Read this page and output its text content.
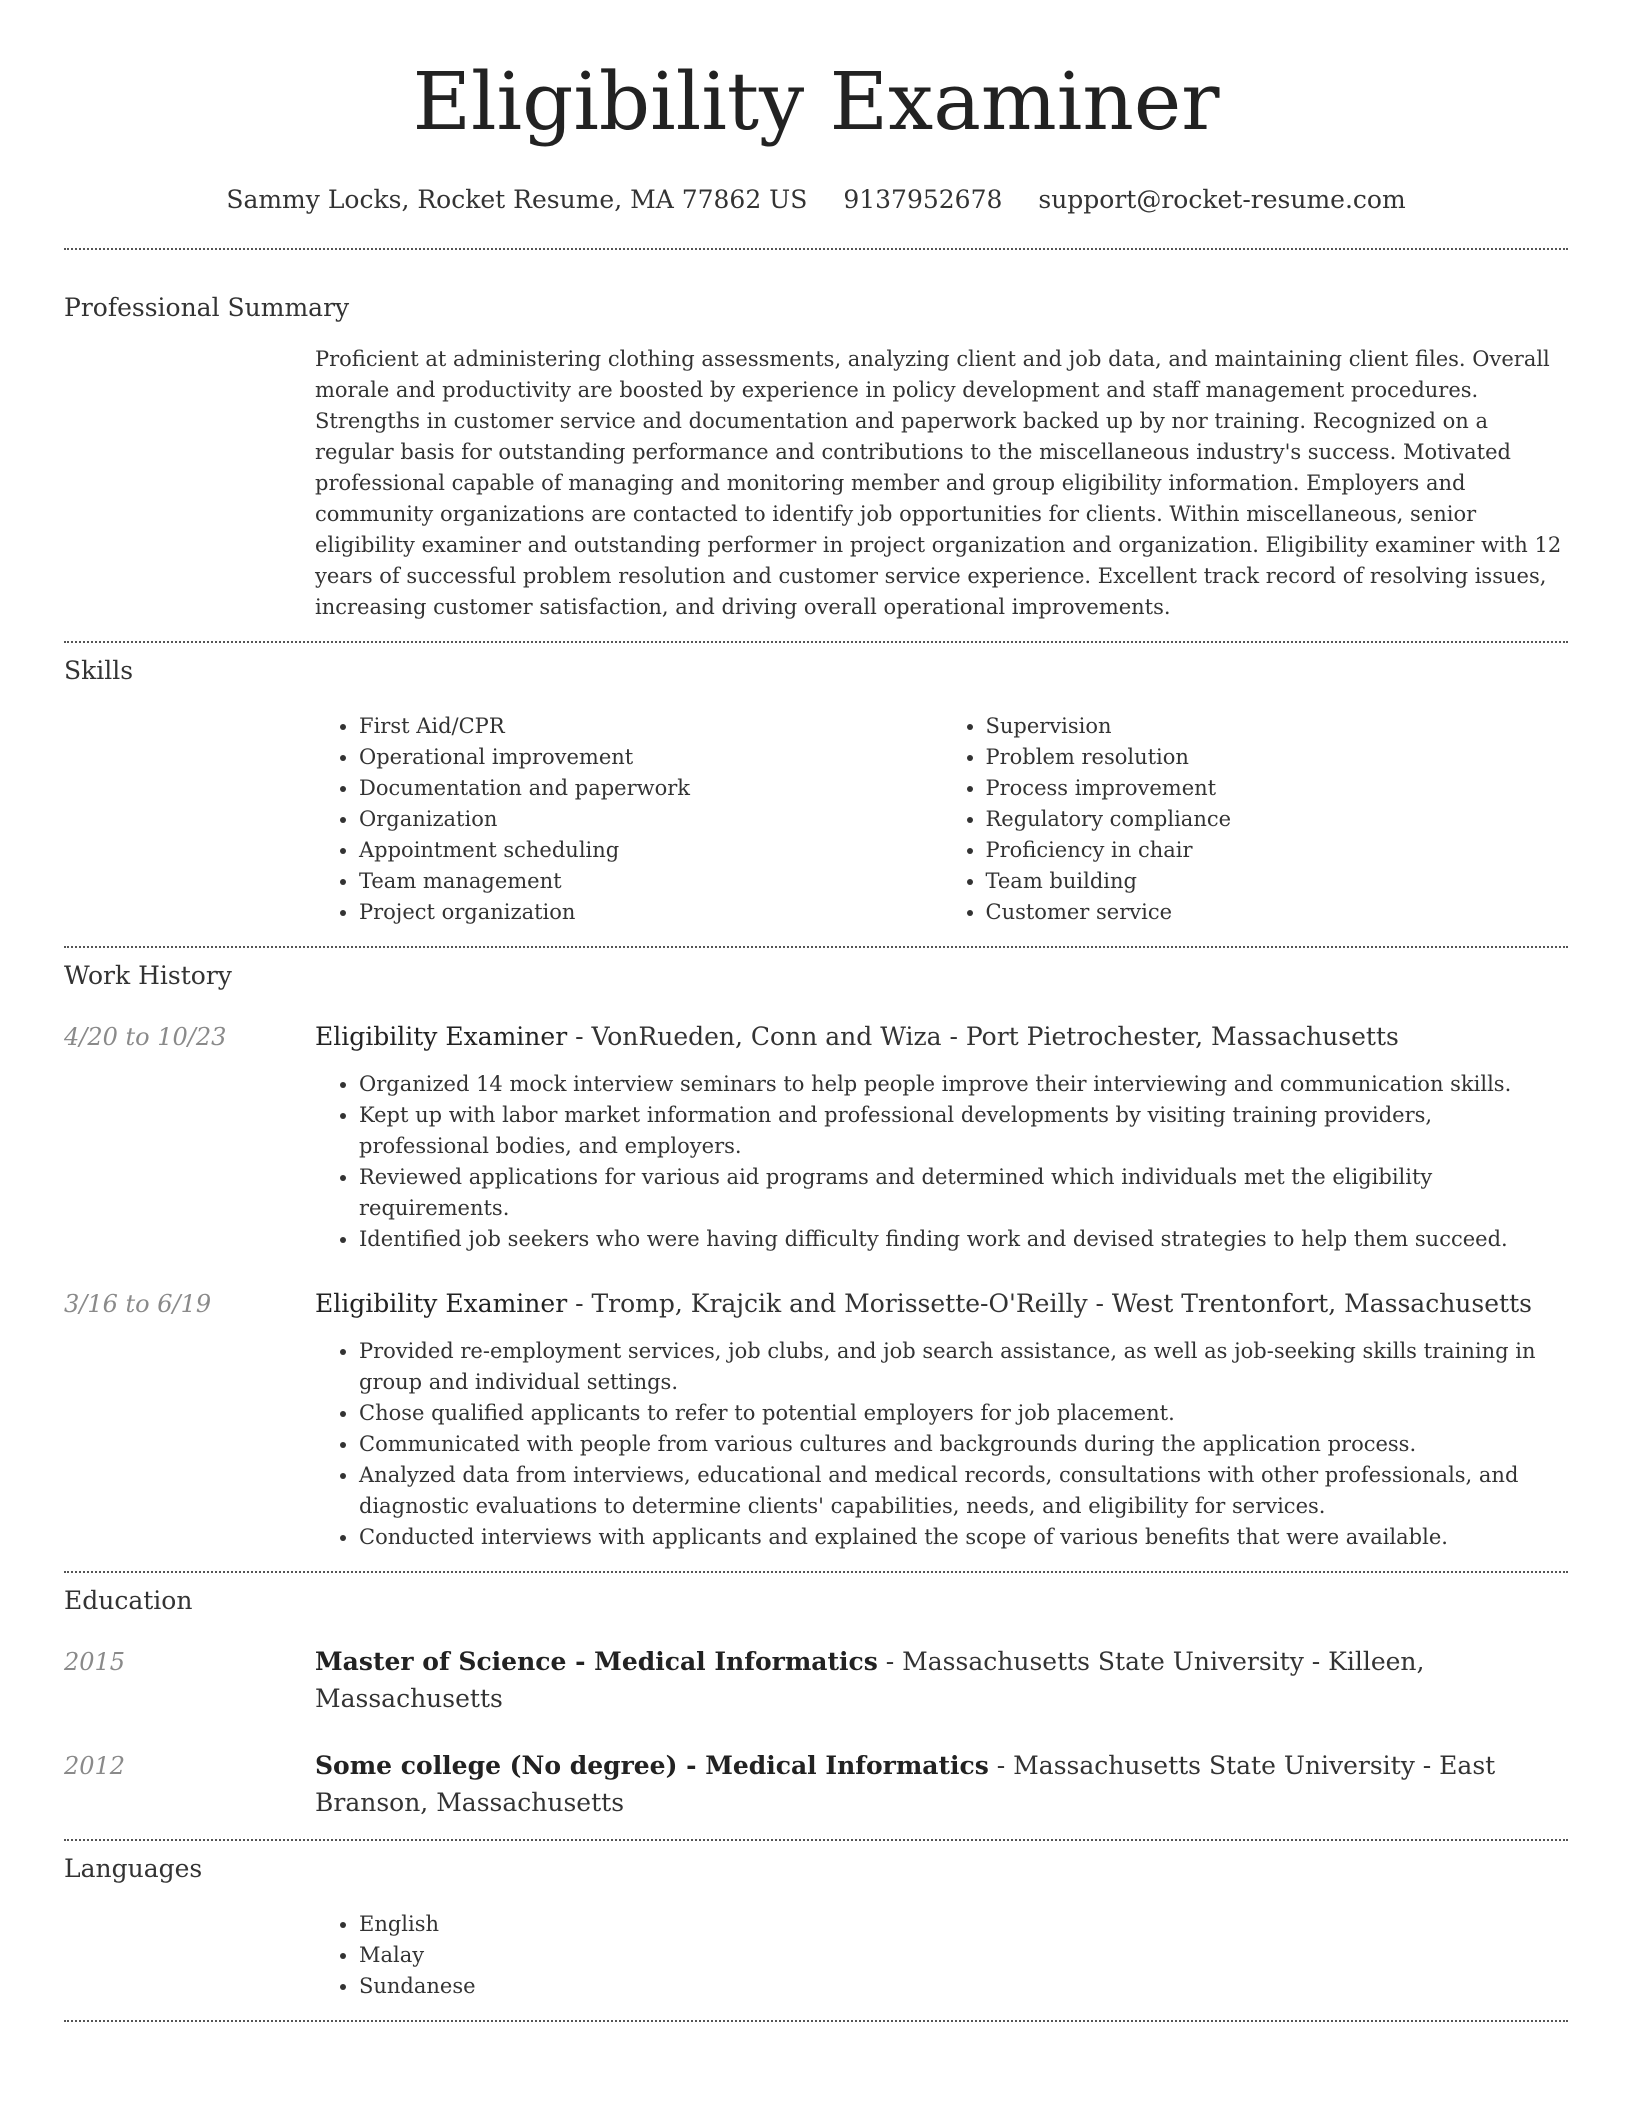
Eligibility Examiner
Sammy Locks, Rocket Resume, MA 77862 US 9137952678 support@rocket-resume.com
Professional Summary

Proficient at administering clothing assessments, analyzing client and job data, and maintaining client files. Overall morale and productivity are boosted by experience in policy development and staff management procedures. Strengths in customer service and documentation and paperwork backed up by nor training. Recognized on a regular basis for outstanding performance and contributions to the miscellaneous industry's success. Motivated professional capable of managing and monitoring member and group eligibility information. Employers and community organizations are contacted to identify job opportunities for clients. Within miscellaneous, senior eligibility examiner and outstanding performer in project organization and organization. Eligibility examiner with 12 years of successful problem resolution and customer service experience. Excellent track record of resolving issues, increasing customer satisfaction, and driving overall operational improvements.

Skills
• First Aid/CPR
• Operational improvement
• Documentation and paperwork
• Organization
• Appointment scheduling
• Team management
• Project organization
• Supervision
• Problem resolution
• Process improvement
• Regulatory compliance
• Proficiency in chair
• Team building
• Customer service
Work History
4/20 to 10/23	Eligibility Examiner - VonRueden, Conn and Wiza - Port Pietrochester, Massachusetts
• Organized 14 mock interview seminars to help people improve their interviewing and communication skills.
• Kept up with labor market information and professional developments by visiting training providers, professional bodies, and employers.
• Reviewed applications for various aid programs and determined which individuals met the eligibility requirements.
• Identified job seekers who were having difficulty finding work and devised strategies to help them succeed.
3/16 to 6/19	Eligibility Examiner - Tromp, Krajcik and Morissette-O'Reilly - West Trentonfort, Massachusetts
• Provided re-employment services, job clubs, and job search assistance, as well as job-seeking skills training in group and individual settings.
• Chose qualified applicants to refer to potential employers for job placement.
• Communicated with people from various cultures and backgrounds during the application process.
• Analyzed data from interviews, educational and medical records, consultations with other professionals, and diagnostic evaluations to determine clients' capabilities, needs, and eligibility for services.
• Conducted interviews with applicants and explained the scope of various benefits that were available.
Education
2015	Master of Science - Medical Informatics - Massachusetts State University - Killeen, Massachusetts
2012	Some college (No degree) - Medical Informatics - Massachusetts State University - East Branson, Massachusetts
Languages
• English
• Malay
• Sundanese
